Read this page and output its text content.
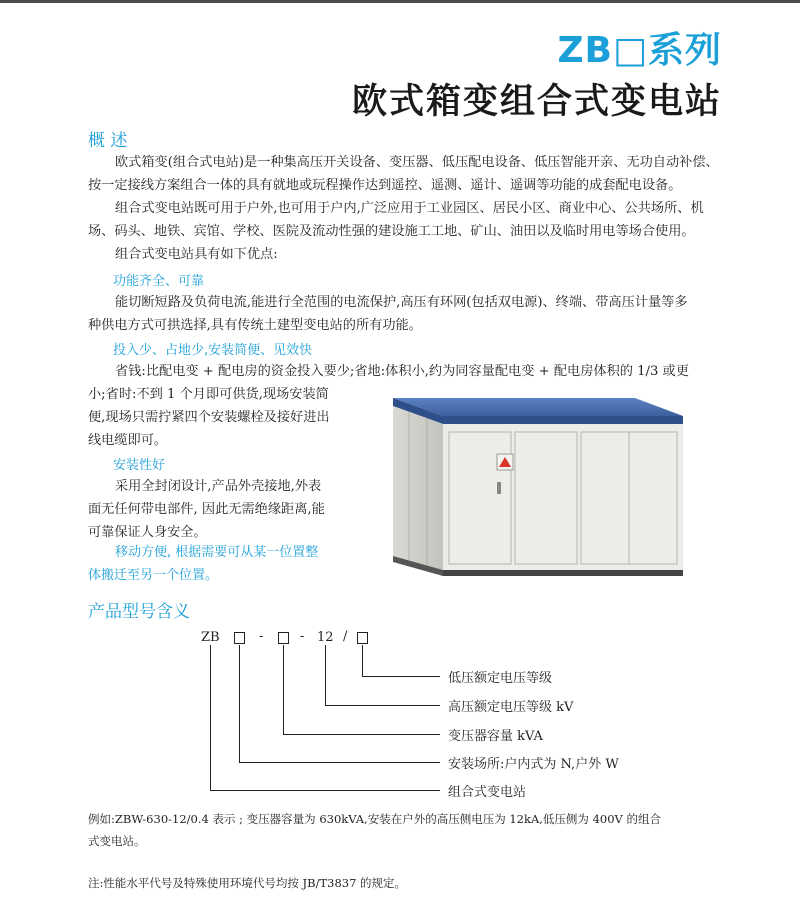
ZB□系列
欧式箱变组合式变电站
概 述
欧式箱变(组合式电站)是一种集高压开关设备、变压器、低压配电设备、低压智能开亲、无功自动补偿、
按一定接线方案组合一体的具有就地或玩程操作达到遥控、遥测、遥计、遥调等功能的成套配电设备。
组合式变电站既可用于户外,也可用于户内,广泛应用于工业园区、居民小区、商业中心、公共场所、机
场、码头、地铁、宾馆、学校、医院及流动性强的建设施工工地、矿山、油田以及临时用电等场合使用。
组合式变电站具有如下优点:
功能齐全、可靠
能切断短路及负荷电流,能进行全范围的电流保护,高压有环网(包括双电源)、终端、带高压计量等多
种供电方式可拱选择,具有传统土建型变电站的所有功能。
投入少、占地少,安装简便、见效快
省钱:比配电变 + 配电房的资金投入要少;省地:体积小,约为同容量配电变 + 配电房体积的 1/3 或更
小;省时:不到 1 个月即可供货,现场安装简
便,现场只需拧紧四个安装螺栓及接好进出
线电缆即可。
安装性好
采用全封闭设计,产品外壳接地,外表
面无任何带电部件, 因此无需绝缘距离,能
可靠保证人身安全。
移动方便, 根据需要可从某一位置整
体搬迁至另一个位置。
产品型号含义
ZB	-	- 12 /
低压额定电压等级
高压额定电压等级 kV
变压器容量 kVA
安装场所:户内式为 N,户外 W
组合式变电站
例如:ZBW-630-12/0.4 表示 ; 变压器容量为 630kVA,安装在户外的高压侧电压为 12kA,低压侧为 400V 的组合
式变电站。
注:性能水平代号及特殊使用环境代号均按 JB/T3837 的规定。
